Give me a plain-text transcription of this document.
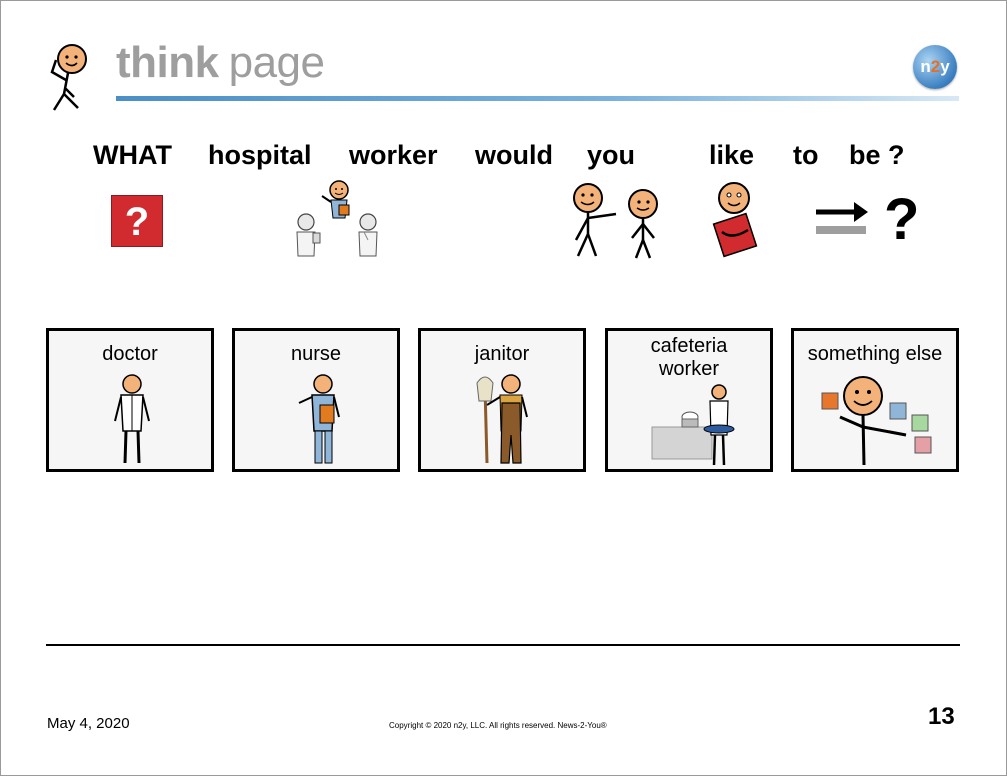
think page	n2y
WHAT hospital worker would you	like to be ?
?	?
doctor	nurse	janitor	cafeteria
worker
something else
May 4, 2020	Copyright © 2020 n2y, LLC. All rights reserved. News-2-You®	13
